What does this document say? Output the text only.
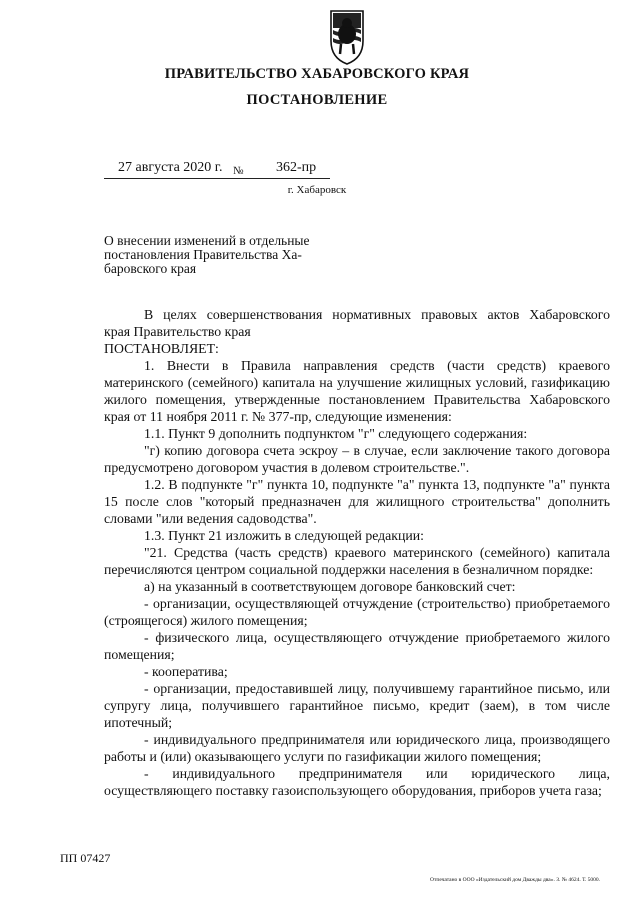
ПРАВИТЕЛЬСТВО ХАБАРОВСКОГО КРАЯ
ПОСТАНОВЛЕНИЕ
27 августа 2020 г. № 362-пр
г. Хабаровск
О внесении изменений в отдельные
постановления Правительства Ха-
баровского края

В целях совершенствования нормативных правовых актов Хабаровского

края Правительство края

ПОСТАНОВЛЯЕТ:

1. Внести в Правила направления средств (части средств) краевого материнского (семейного) капитала на улучшение жилищных условий, газификацию жилого помещения, утвержденные постановлением Правительства Хабаровского края от 11 ноября 2011 г. № 377-пр, следующие изменения:

1.1. Пункт 9 дополнить подпунктом "г" следующего содержания:

"г) копию договора счета эскроу – в случае, если заключение такого договора предусмотрено договором участия в долевом строительстве.".

1.2. В подпункте "г" пункта 10, подпункте "а" пункта 13, подпункте "а" пункта 15 после слов "который предназначен для жилищного строительства" дополнить словами "или ведения садоводства".

1.3. Пункт 21 изложить в следующей редакции:

"21. Средства (часть средств) краевого материнского (семейного) капитала перечисляются центром социальной поддержки населения в безналичном порядке:

а) на указанный в соответствующем договоре банковский счет:

- организации, осуществляющей отчуждение (строительство) приобретаемого (строящегося) жилого помещения;

- физического лица, осуществляющего отчуждение приобретаемого жилого помещения;

- кооператива;

- организации, предоставившей лицу, получившему гарантийное письмо, или супругу лица, получившего гарантийное письмо, кредит (заем), в том числе ипотечный;

- индивидуального предпринимателя или юридического лица, производящего работы и (или) оказывающего услуги по газификации жилого помещения;

- индивидуального предпринимателя или юридического лица, осуществляющего поставку газоиспользующего оборудования, приборов учета газа;

ПП 07427
Отпечатано в ООО «Издательский дом Дважды два». З. № 4624. Т. 5000.
